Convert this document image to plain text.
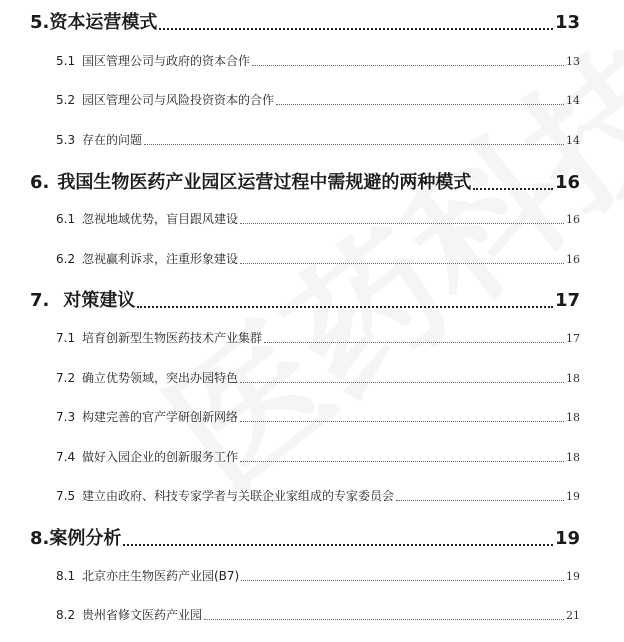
5. 资本运营模式	13
5.1 国区管理公司与政府的资本合作	13
5.2 园区管理公司与风险投资资本的合作	14
5.3 存在的问题	14
6. 我国生物医药产业园区运营过程中需规避的两种模式	16
6.1 忽视地域优势，盲目跟风建设	16
6.2 忽视赢利诉求，注重形象建设	16
7. 对策建议	17
7.1 培育创新型生物医药技术产业集群	17
7.2 确立优势领域，突出办园特色	18
7.3 构建完善的官产学研创新网络	18
7.4 做好入园企业的创新服务工作	18
7.5 建立由政府、科技专家学者与关联企业家组成的专家委员会	19
8. 案例分析	19
8.1 北京亦庄生物医药产业园(B7)	19
8.2 贵州省修文医药产业园	21
